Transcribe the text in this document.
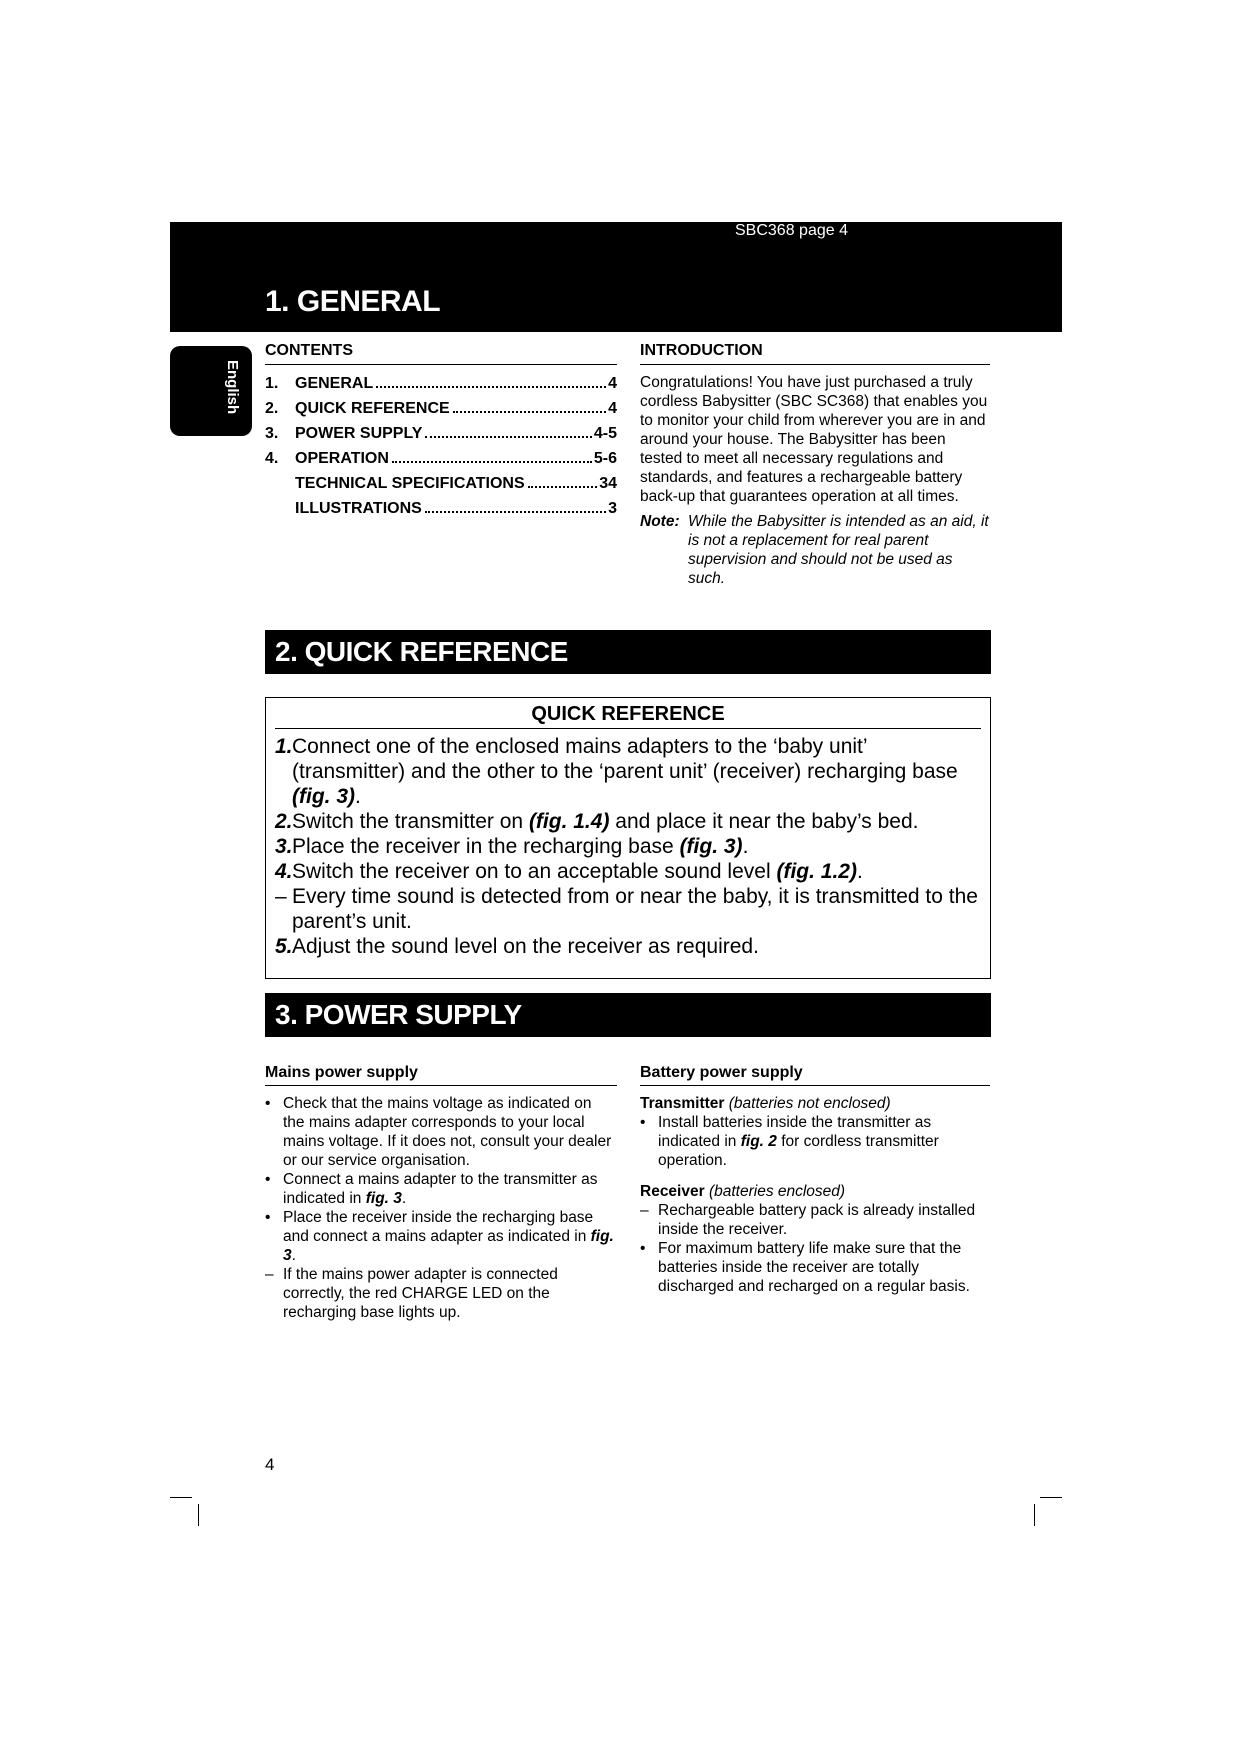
SBC368 page 4
1. GENERAL
English
CONTENTS
1.	GENERAL	4
2.	QUICK REFERENCE	4
3.	POWER SUPPLY	4-5
4.	OPERATION	5-6
TECHNICAL SPECIFICATIONS	34
ILLUSTRATIONS	3
INTRODUCTION
Congratulations! You have just purchased a truly cordless Babysitter (SBC SC368) that enables you to monitor your child from wherever you are in and around your house. The Babysitter has been tested to meet all necessary regulations and standards, and features a rechargeable battery back-up that guarantees operation at all times.
Note: While the Babysitter is intended as an aid, it is not a replacement for real parent supervision and should not be used as such.
2. QUICK REFERENCE
QUICK REFERENCE
1. Connect one of the enclosed mains adapters to the ‘baby unit’ (transmitter) and the other to the ‘parent unit’ (receiver) recharging base (fig. 3).
2. Switch the transmitter on (fig. 1.4) and place it near the baby’s bed.
3. Place the receiver in the recharging base (fig. 3).
4. Switch the receiver on to an acceptable sound level (fig. 1.2).
– Every time sound is detected from or near the baby, it is transmitted to the parent’s unit.
5. Adjust the sound level on the receiver as required.
3. POWER SUPPLY
Mains power supply
• Check that the mains voltage as indicated on the mains adapter corresponds to your local mains voltage. If it does not, consult your dealer or our service organisation.
• Connect a mains adapter to the transmitter as indicated in fig. 3.
• Place the receiver inside the recharging base and connect a mains adapter as indicated in fig. 3.
– If the mains power adapter is connected correctly, the red CHARGE LED on the recharging base lights up.
Battery power supply
Transmitter (batteries not enclosed)
• Install batteries inside the transmitter as indicated in fig. 2 for cordless transmitter operation.
Receiver (batteries enclosed)
– Rechargeable battery pack is already installed inside the receiver.
• For maximum battery life make sure that the batteries inside the receiver are totally discharged and recharged on a regular basis.
4
